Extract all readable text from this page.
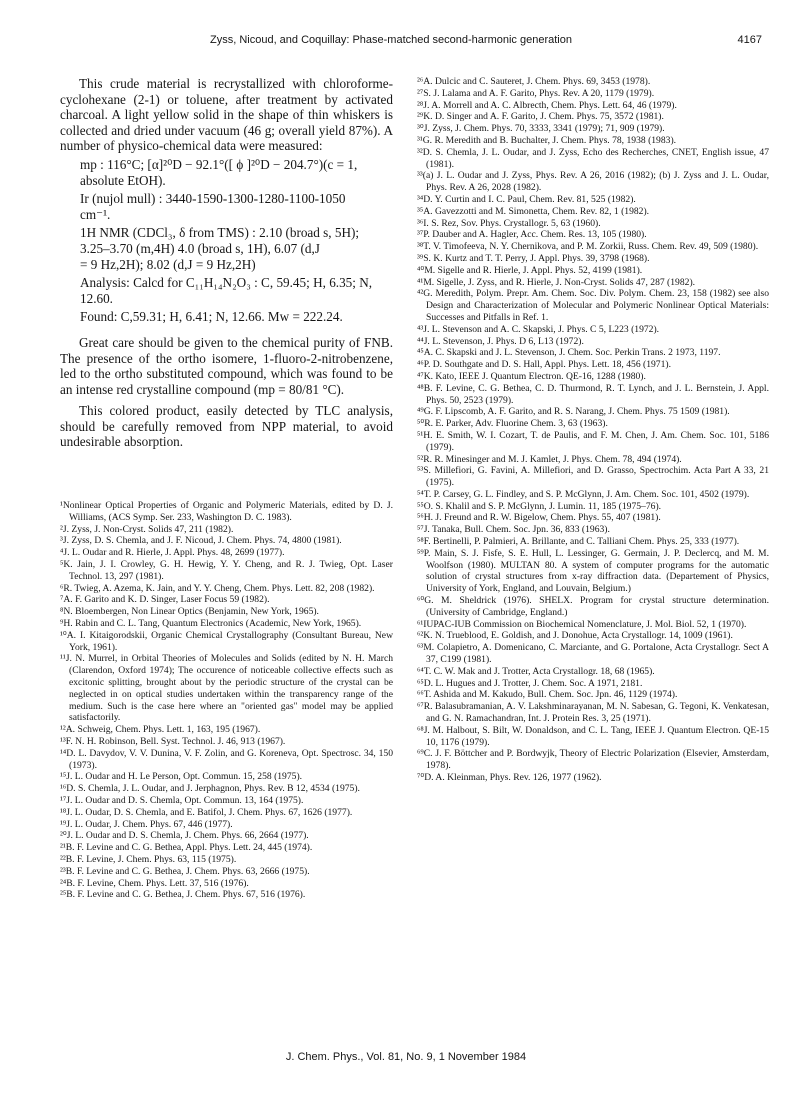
Zyss, Nicoud, and Coquillay: Phase-matched second-harmonic generation	4167

This crude material is recrystallized with chloroforme-cyclohexane (2-1) or toluene, after treatment by activated charcoal. A light yellow solid in the shape of thin whiskers is collected and dried under vacuum (46 g; overall yield 87%). A number of physico-chemical data were measured:

mp : 116°C; [α]²⁰D − 92.1°([ ϕ ]²⁰D − 204.7°)(c = 1,

absolute EtOH).

Ir (nujol mull) : 3440-1590-1300-1280-1100-1050

cm⁻¹.

1H NMR (CDCl₃, δ from TMS) : 2.10 (broad s, 5H);

3.25–3.70 (m,4H) 4.0 (broad s, 1H), 6.07 (d,J

= 9 Hz,2H); 8.02 (d,J = 9 Hz,2H)

Analysis: Calcd for C₁₁H₁₄N₂O₃ : C, 59.45; H, 6.35; N,

12.60.

Found: C,59.31; H, 6.41; N, 12.66. Mw = 222.24.

Great care should be given to the chemical purity of FNB. The presence of the ortho isomere, 1-fluoro-2-nitrobenzene, led to the ortho substituted compound, which was found to be an intense red crystalline compound (mp = 80/81 °C).

This colored product, easily detected by TLC analysis, should be carefully removed from NPP material, to avoid undesirable absorption.

¹Nonlinear Optical Properties of Organic and Polymeric Materials, edited by D. J. Williams, (ACS Symp. Ser. 233, Washington D. C. 1983).

²J. Zyss, J. Non-Cryst. Solids 47, 211 (1982).

³J. Zyss, D. S. Chemla, and J. F. Nicoud, J. Chem. Phys. 74, 4800 (1981).

⁴J. L. Oudar and R. Hierle, J. Appl. Phys. 48, 2699 (1977).

⁵K. Jain, J. I. Crowley, G. H. Hewig, Y. Y. Cheng, and R. J. Twieg, Opt. Laser Technol. 13, 297 (1981).

⁶R. Twieg, A. Azema, K. Jain, and Y. Y. Cheng, Chem. Phys. Lett. 82, 208 (1982).

⁷A. F. Garito and K. D. Singer, Laser Focus 59 (1982).

⁸N. Bloembergen, Non Linear Optics (Benjamin, New York, 1965).

⁹H. Rabin and C. L. Tang, Quantum Electronics (Academic, New York, 1965).

¹⁰A. I. Kitaigorodskii, Organic Chemical Crystallography (Consultant Bureau, New York, 1961).

¹¹J. N. Murrel, in Orbital Theories of Molecules and Solids (edited by N. H. March (Clarendon, Oxford 1974); The occurence of noticeable collective effects such as excitonic splitting, brought about by the periodic structure of the crystal can be neglected in on optical studies undertaken within the transparency range of the medium. Such is the case here where an "oriented gas" model may be applied satisfactorily.

¹²A. Schweig, Chem. Phys. Lett. 1, 163, 195 (1967).

¹³F. N. H. Robinson, Bell. Syst. Technol. J. 46, 913 (1967).

¹⁴D. L. Davydov, V. V. Dunina, V. F. Zolin, and G. Koreneva, Opt. Spectrosc. 34, 150 (1973).

¹⁵J. L. Oudar and H. Le Person, Opt. Commun. 15, 258 (1975).

¹⁶D. S. Chemla, J. L. Oudar, and J. Jerphagnon, Phys. Rev. B 12, 4534 (1975).

¹⁷J. L. Oudar and D. S. Chemla, Opt. Commun. 13, 164 (1975).

¹⁸J. L. Oudar, D. S. Chemla, and E. Batifol, J. Chem. Phys. 67, 1626 (1977).

¹⁹J. L. Oudar, J. Chem. Phys. 67, 446 (1977).

²⁰J. L. Oudar and D. S. Chemla, J. Chem. Phys. 66, 2664 (1977).

²¹B. F. Levine and C. G. Bethea, Appl. Phys. Lett. 24, 445 (1974).

²²B. F. Levine, J. Chem. Phys. 63, 115 (1975).

²³B. F. Levine and C. G. Bethea, J. Chem. Phys. 63, 2666 (1975).

²⁴B. F. Levine, Chem. Phys. Lett. 37, 516 (1976).

²⁵B. F. Levine and C. G. Bethea, J. Chem. Phys. 67, 516 (1976).

²⁶A. Dulcic and C. Sauteret, J. Chem. Phys. 69, 3453 (1978).

²⁷S. J. Lalama and A. F. Garito, Phys. Rev. A 20, 1179 (1979).

²⁸J. A. Morrell and A. C. Albrecth, Chem. Phys. Lett. 64, 46 (1979).

²⁹K. D. Singer and A. F. Garito, J. Chem. Phys. 75, 3572 (1981).

³⁰J. Zyss, J. Chem. Phys. 70, 3333, 3341 (1979); 71, 909 (1979).

³¹G. R. Meredith and B. Buchalter, J. Chem. Phys. 78, 1938 (1983).

³²D. S. Chemla, J. L. Oudar, and J. Zyss, Echo des Recherches, CNET, English issue, 47 (1981).

³³(a) J. L. Oudar and J. Zyss, Phys. Rev. A 26, 2016 (1982); (b) J. Zyss and J. L. Oudar, Phys. Rev. A 26, 2028 (1982).

³⁴D. Y. Curtin and I. C. Paul, Chem. Rev. 81, 525 (1982).

³⁵A. Gavezzotti and M. Simonetta, Chem. Rev. 82, 1 (1982).

³⁶I. S. Rez, Sov. Phys. Crystallogr. 5, 63 (1960).

³⁷P. Dauber and A. Hagler, Acc. Chem. Res. 13, 105 (1980).

³⁸T. V. Timofeeva, N. Y. Chernikova, and P. M. Zorkii, Russ. Chem. Rev. 49, 509 (1980).

³⁹S. K. Kurtz and T. T. Perry, J. Appl. Phys. 39, 3798 (1968).

⁴⁰M. Sigelle and R. Hierle, J. Appl. Phys. 52, 4199 (1981).

⁴¹M. Sigelle, J. Zyss, and R. Hierle, J. Non-Cryst. Solids 47, 287 (1982).

⁴²G. Meredith, Polym. Prepr. Am. Chem. Soc. Div. Polym. Chem. 23, 158 (1982) see also Design and Characterization of Molecular and Polymeric Nonlinear Optical Materials: Successes and Pitfalls in Ref. 1.

⁴³J. L. Stevenson and A. C. Skapski, J. Phys. C 5, L223 (1972).

⁴⁴J. L. Stevenson, J. Phys. D 6, L13 (1972).

⁴⁵A. C. Skapski and J. L. Stevenson, J. Chem. Soc. Perkin Trans. 2 1973, 1197.

⁴⁶P. D. Southgate and D. S. Hall, Appl. Phys. Lett. 18, 456 (1971).

⁴⁷K. Kato, IEEE J. Quantum Electron. QE-16, 1288 (1980).

⁴⁸B. F. Levine, C. G. Bethea, C. D. Thurmond, R. T. Lynch, and J. L. Bernstein, J. Appl. Phys. 50, 2523 (1979).

⁴⁹G. F. Lipscomb, A. F. Garito, and R. S. Narang, J. Chem. Phys. 75 1509 (1981).

⁵⁰R. E. Parker, Adv. Fluorine Chem. 3, 63 (1963).

⁵¹H. E. Smith, W. I. Cozart, T. de Paulis, and F. M. Chen, J. Am. Chem. Soc. 101, 5186 (1979).

⁵²R. R. Minesinger and M. J. Kamlet, J. Phys. Chem. 78, 494 (1974).

⁵³S. Millefiori, G. Favini, A. Millefiori, and D. Grasso, Spectrochim. Acta Part A 33, 21 (1975).

⁵⁴T. P. Carsey, G. L. Findley, and S. P. McGlynn, J. Am. Chem. Soc. 101, 4502 (1979).

⁵⁵O. S. Khalil and S. P. McGlynn, J. Lumin. 11, 185 (1975–76).

⁵⁶H. J. Freund and R. W. Bigelow, Chem. Phys. 55, 407 (1981).

⁵⁷J. Tanaka, Bull. Chem. Soc. Jpn. 36, 833 (1963).

⁵⁸F. Bertinelli, P. Palmieri, A. Brillante, and C. Talliani Chem. Phys. 25, 333 (1977).

⁵⁹P. Main, S. J. Fisfe, S. E. Hull, L. Lessinger, G. Germain, J. P. Declercq, and M. M. Woolfson (1980). MULTAN 80. A system of computer programs for the automatic solution of crystal structures from x-ray diffraction data. (Departement of Physics, University of York, England, and Louvain, Belgium.)

⁶⁰G. M. Sheldrick (1976). SHELX. Program for crystal structure determination. (University of Cambridge, England.)

⁶¹IUPAC-IUB Commission on Biochemical Nomenclature, J. Mol. Biol. 52, 1 (1970).

⁶²K. N. Trueblood, E. Goldish, and J. Donohue, Acta Crystallogr. 14, 1009 (1961).

⁶³M. Colapietro, A. Domenicano, C. Marciante, and G. Portalone, Acta Crystallogr. Sect A 37, C199 (1981).

⁶⁴T. C. W. Mak and J. Trotter, Acta Crystallogr. 18, 68 (1965).

⁶⁵D. L. Hugues and J. Trotter, J. Chem. Soc. A 1971, 2181.

⁶⁶T. Ashida and M. Kakudo, Bull. Chem. Soc. Jpn. 46, 1129 (1974).

⁶⁷R. Balasubramanian, A. V. Lakshminarayanan, M. N. Sabesan, G. Tegoni, K. Venkatesan, and G. N. Ramachandran, Int. J. Protein Res. 3, 25 (1971).

⁶⁸J. M. Halbout, S. Bilt, W. Donaldson, and C. L. Tang, IEEE J. Quantum Electron. QE-15 10, 1176 (1979).

⁶⁹C. J. F. Böttcher and P. Bordwyjk, Theory of Electric Polarization (Elsevier, Amsterdam, 1978).

⁷⁰D. A. Kleinman, Phys. Rev. 126, 1977 (1962).

J. Chem. Phys., Vol. 81, No. 9, 1 November 1984
